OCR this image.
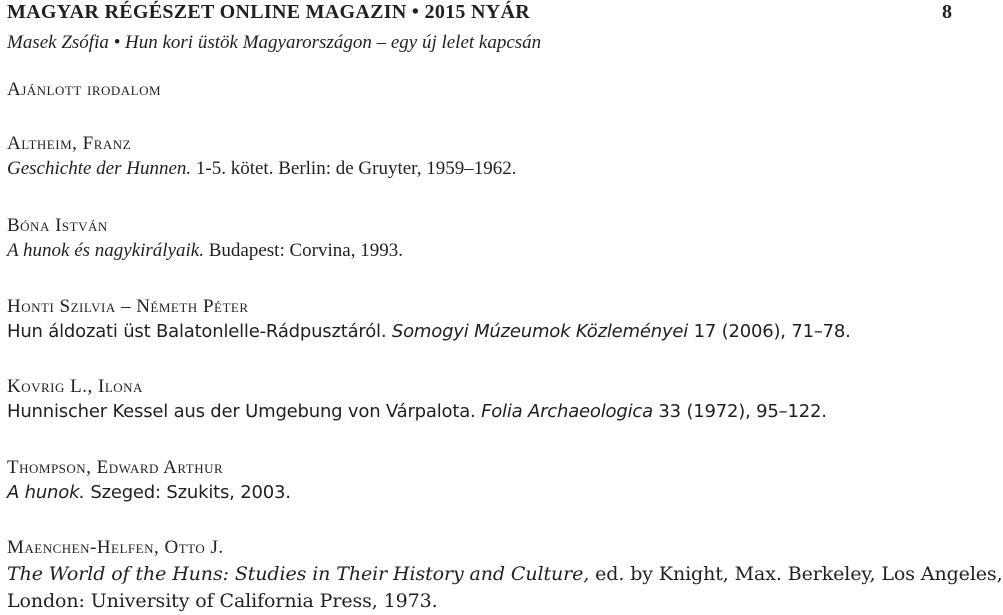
MAGYAR RÉGÉSZET ONLINE MAGAZIN • 2015 NYÁR	8
Masek Zsófia • Hun kori üstök Magyarországon – egy új lelet kapcsán
Ajánlott irodalom
Altheim, Franz
Geschichte der Hunnen. 1-5. kötet. Berlin: de Gruyter, 1959–1962.
Bóna István
A hunok és nagykirályaik. Budapest: Corvina, 1993.
Honti Szilvia – Németh Péter
Hun áldozati üst Balatonlelle-Rádpusztáról. Somogyi Múzeumok Közleményei 17 (2006), 71–78.
Kovrig L., Ilona
Hunnischer Kessel aus der Umgebung von Várpalota. Folia Archaeologica 33 (1972), 95–122.
Thompson, Edward Arthur
A hunok. Szeged: Szukits, 2003.
Maenchen-Helfen, Otto J.
The World of the Huns: Studies in Their History and Culture, ed. by Knight, Max. Berkeley, Los Angeles,
London: University of California Press, 1973.
